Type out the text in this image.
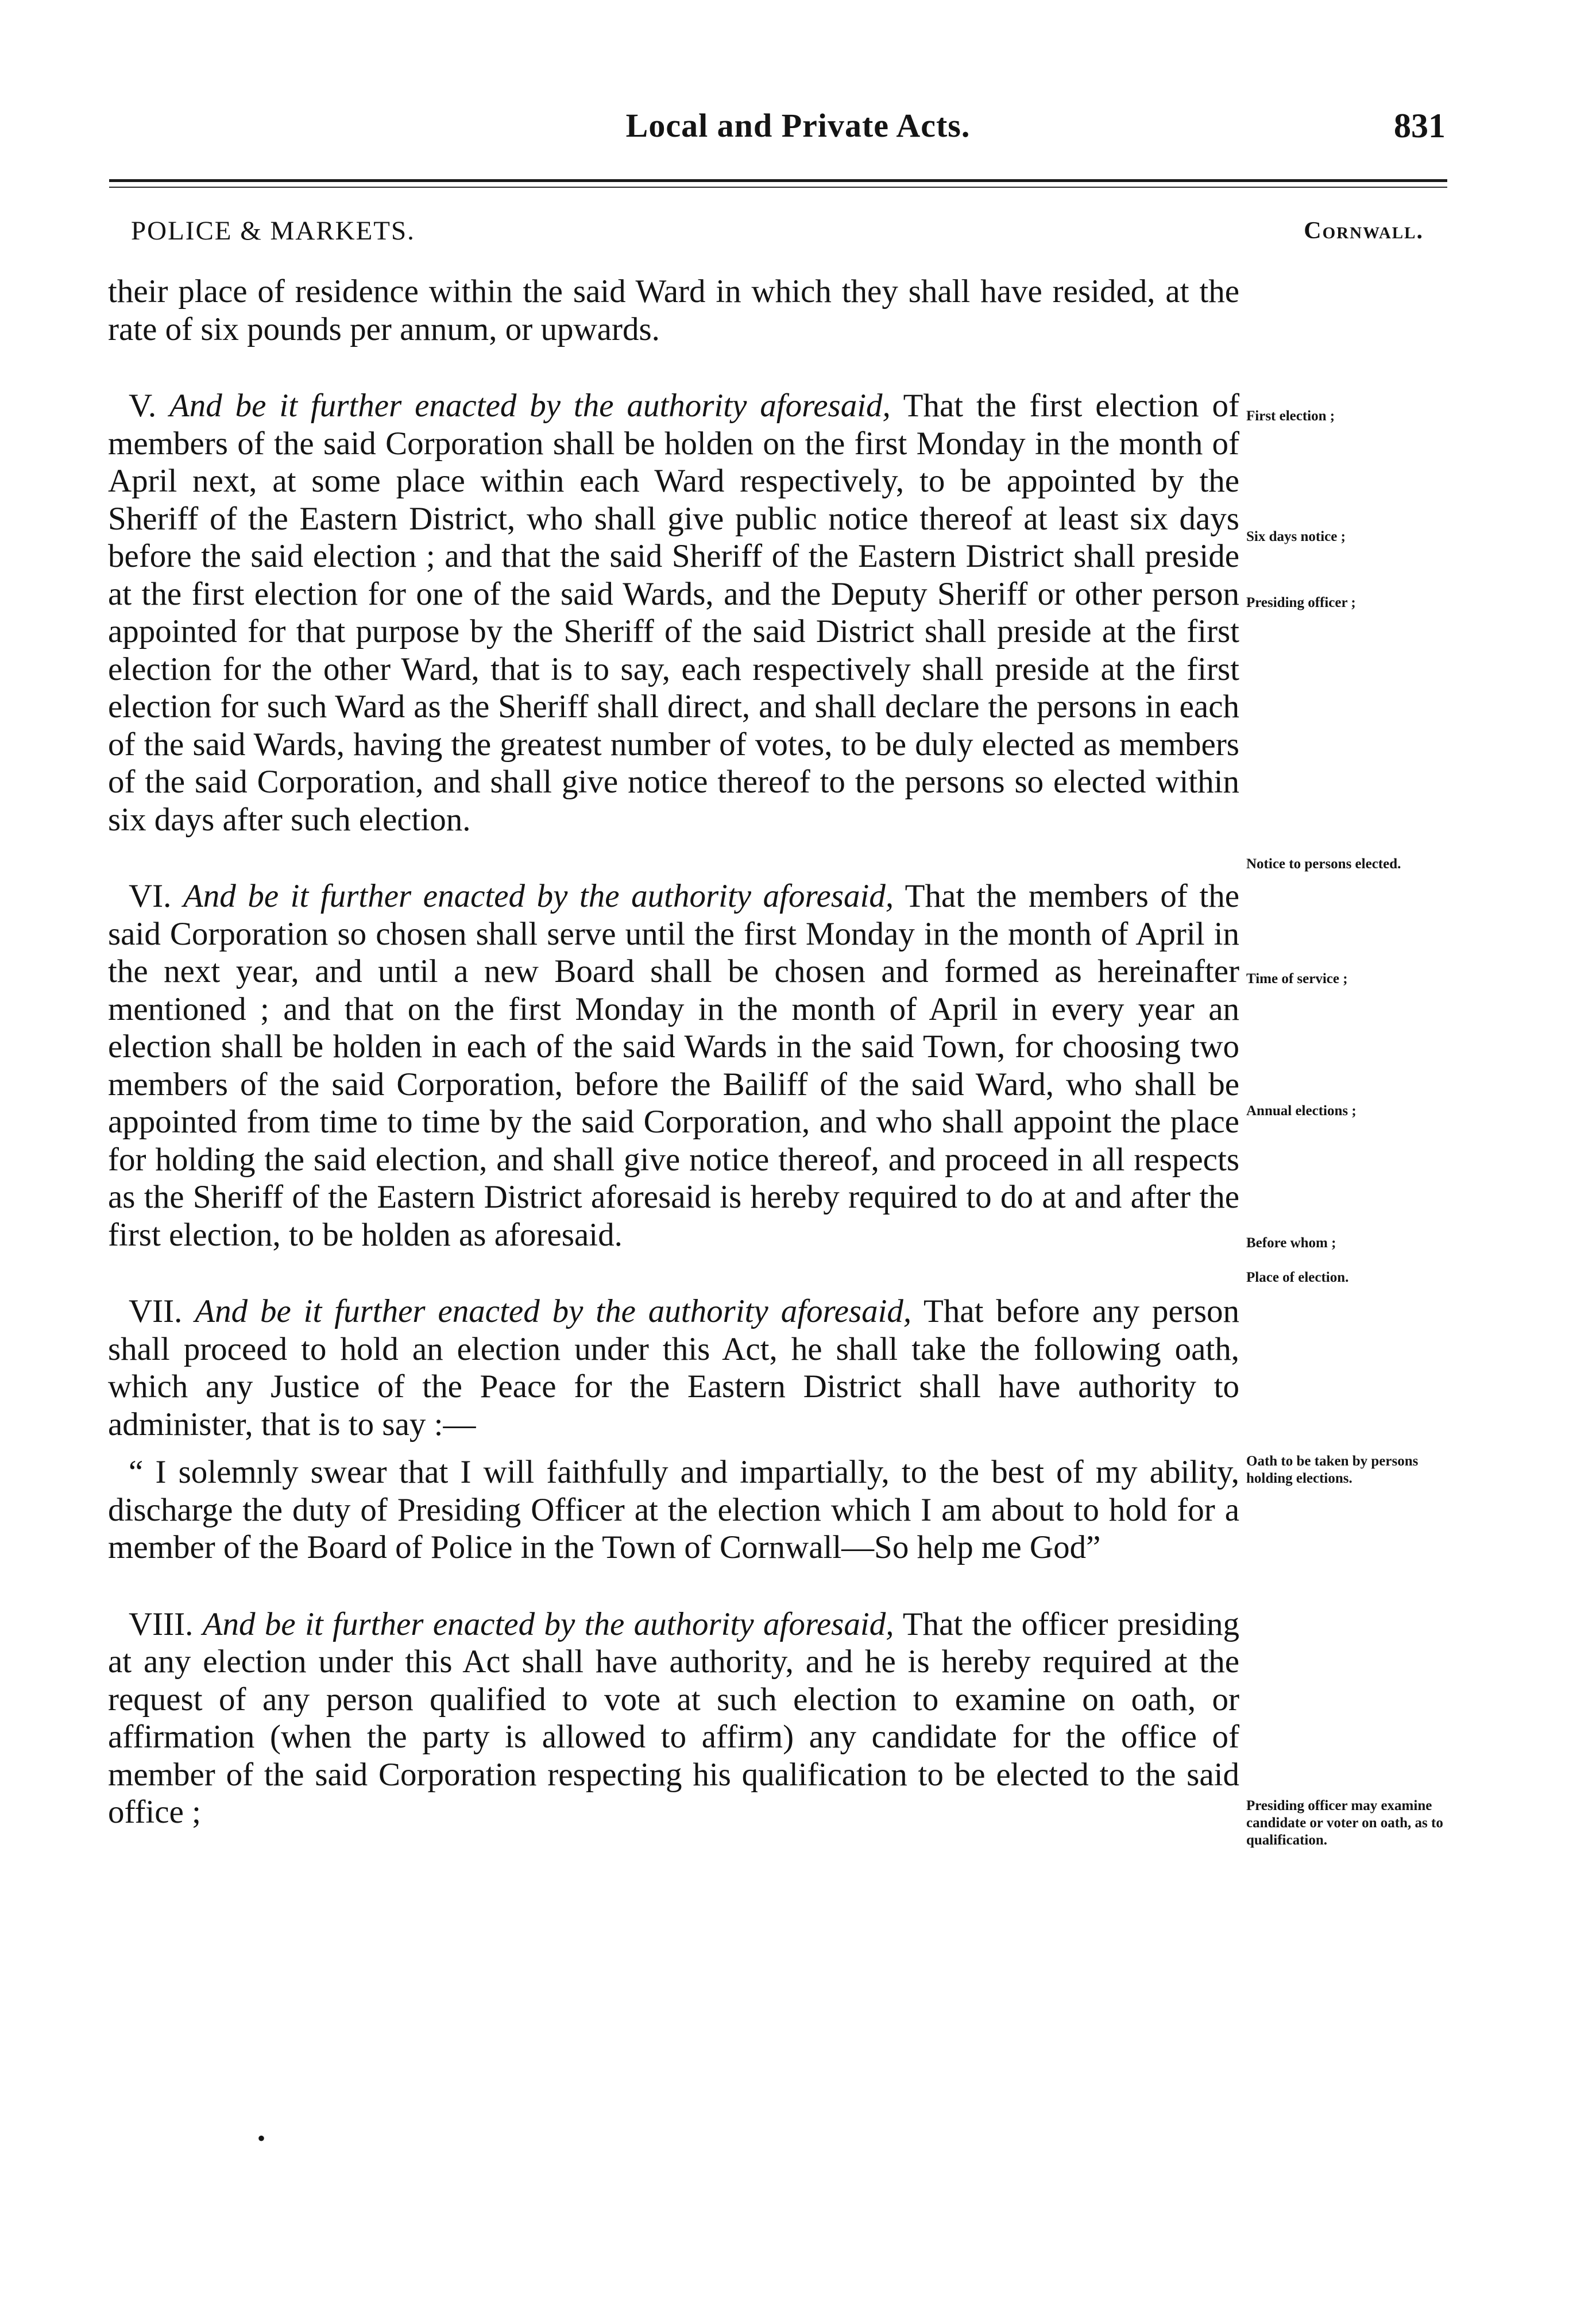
Local and Private Acts.	831
POLICE & MARKETS.	Cornwall.

their place of residence within the said Ward in which they shall have resided, at the rate of six pounds per annum, or upwards.

V. And be it further enacted by the authority aforesaid, That the first election of members of the said Corporation shall be holden on the first Monday in the month of April next, at some place within each Ward respectively, to be appointed by the Sheriff of the Eastern District, who shall give public notice thereof at least six days before the said election ; and that the said Sheriff of the Eastern District shall preside at the first election for one of the said Wards, and the Deputy Sheriff or other person appointed for that purpose by the Sheriff of the said District shall preside at the first election for the other Ward, that is to say, each respectively shall preside at the first election for such Ward as the Sheriff shall direct, and shall declare the persons in each of the said Wards, having the greatest number of votes, to be duly elected as members of the said Corporation, and shall give notice thereof to the persons so elected within six days after such election.

VI. And be it further enacted by the authority aforesaid, That the members of the said Corporation so chosen shall serve until the first Monday in the month of April in the next year, and until a new Board shall be chosen and formed as hereinafter mentioned ; and that on the first Monday in the month of April in every year an election shall be holden in each of the said Wards in the said Town, for choosing two members of the said Corporation, before the Bailiff of the said Ward, who shall be appointed from time to time by the said Corporation, and who shall appoint the place for holding the said election, and shall give notice thereof, and proceed in all respects as the Sheriff of the Eastern District aforesaid is hereby required to do at and after the first election, to be holden as aforesaid.

VII. And be it further enacted by the authority aforesaid, That before any person shall proceed to hold an election under this Act, he shall take the following oath, which any Justice of the Peace for the Eastern District shall have authority to administer, that is to say :—

“ I solemnly swear that I will faithfully and impartially, to the best of my ability, discharge the duty of Presiding Officer at the election which I am about to hold for a member of the Board of Police in the Town of Cornwall—So help me God”

VIII. And be it further enacted by the authority aforesaid, That the officer presiding at any election under this Act shall have authority, and he is hereby required at the request of any person qualified to vote at such election to examine on oath, or affirmation (when the party is allowed to affirm) any candidate for the office of member of the said Corporation respecting his qualification to be elected to the said office ;

First election ;
Six days notice ;
Presiding officer ;
Notice to persons elected.
Time of service ;
Annual elections ;
Before whom ;
Place of election.
Oath to be taken by persons holding elections.
Presiding officer may examine candidate or voter on oath, as to qualification.
•
